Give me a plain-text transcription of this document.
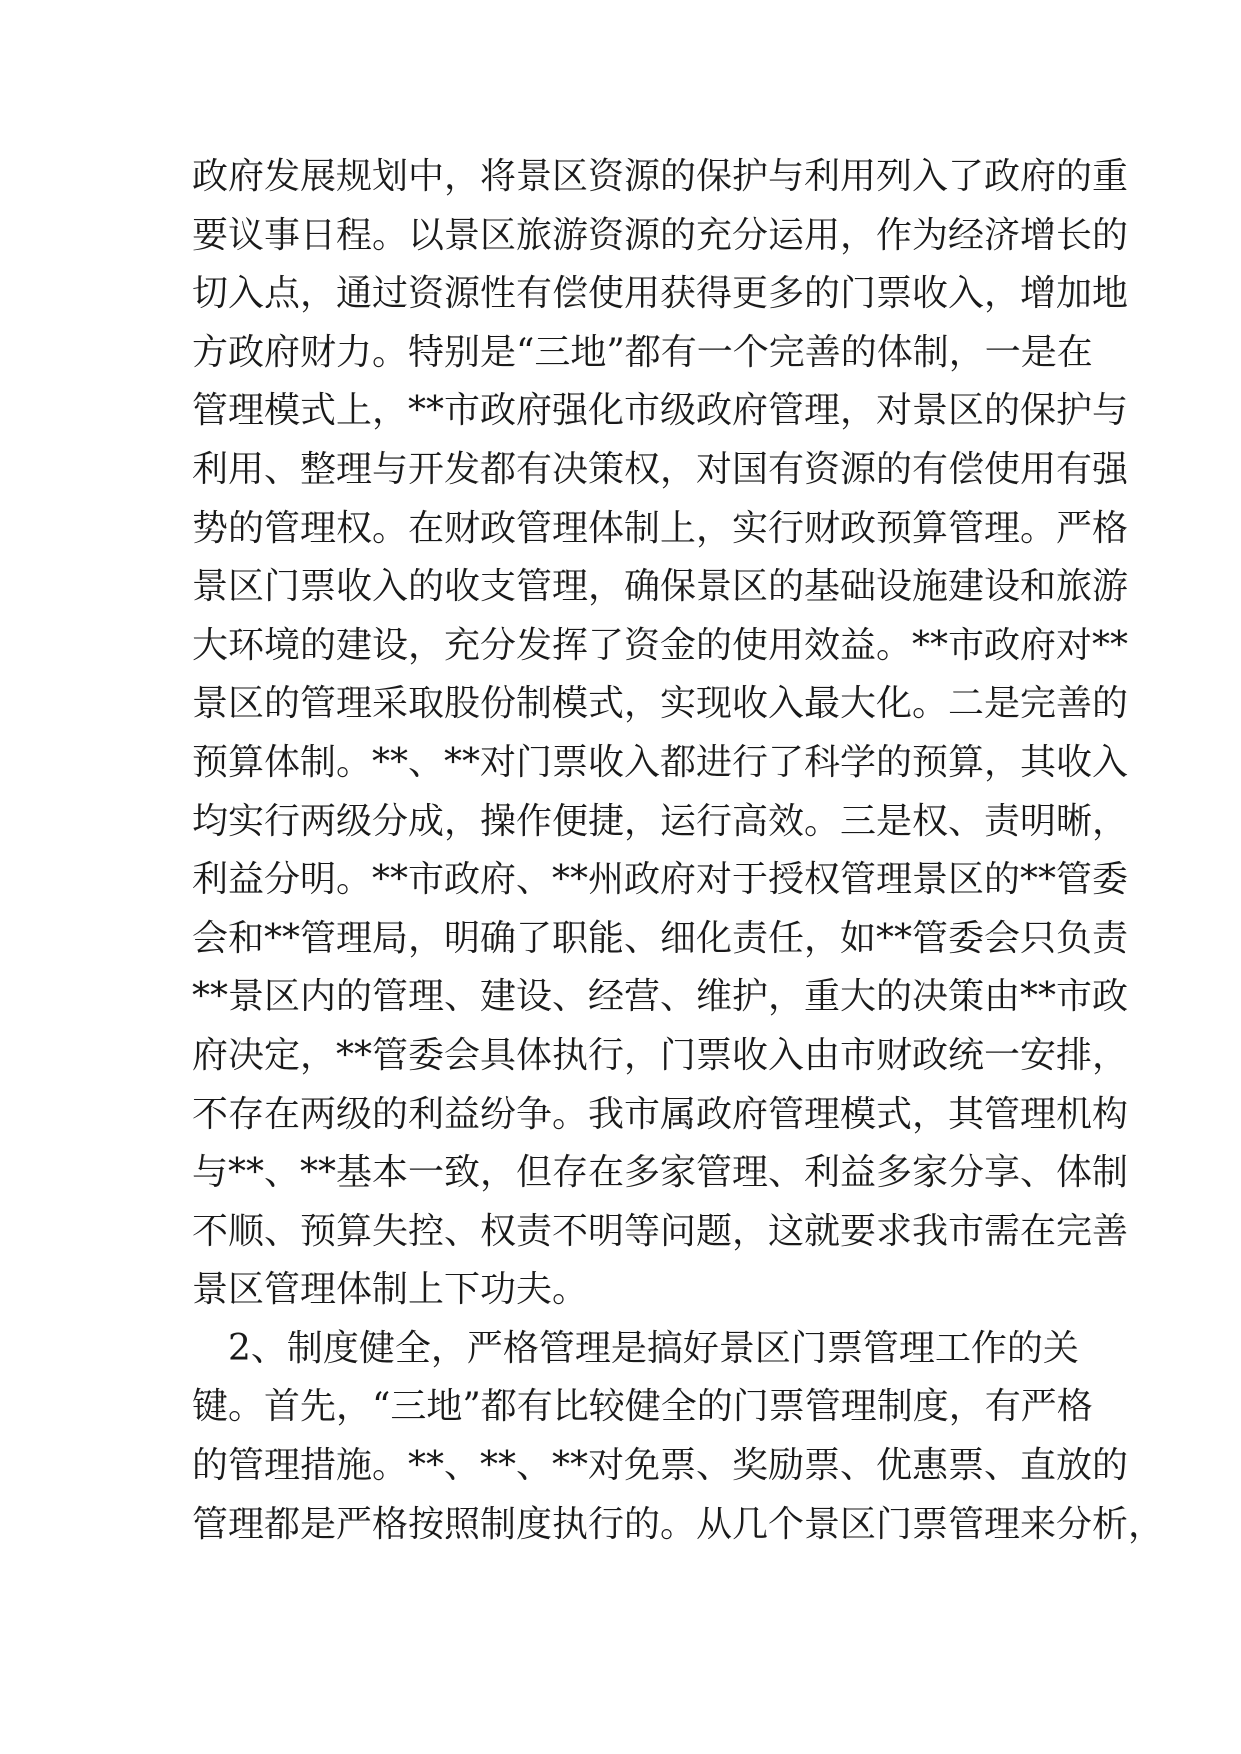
政府发展规划中，将景区资源的保护与利用列入了政府的重
要议事日程。以景区旅游资源的充分运用，作为经济增长的
切入点，通过资源性有偿使用获得更多的门票收入，增加地
方政府财力。特别是“三地”都有一个完善的体制，一是在
管理模式上，**市政府强化市级政府管理，对景区的保护与
利用、整理与开发都有决策权，对国有资源的有偿使用有强
势的管理权。在财政管理体制上，实行财政预算管理。严格
景区门票收入的收支管理，确保景区的基础设施建设和旅游
大环境的建设，充分发挥了资金的使用效益。**市政府对**
景区的管理采取股份制模式，实现收入最大化。二是完善的
预算体制。**、**对门票收入都进行了科学的预算，其收入
均实行两级分成，操作便捷，运行高效。三是权、责明晰，
利益分明。**市政府、**州政府对于授权管理景区的**管委
会和**管理局，明确了职能、细化责任，如**管委会只负责
**景区内的管理、建设、经营、维护，重大的决策由**市政
府决定，**管委会具体执行，门票收入由市财政统一安排，
不存在两级的利益纷争。我市属政府管理模式，其管理机构
与**、**基本一致，但存在多家管理、利益多家分享、体制
不顺、预算失控、权责不明等问题，这就要求我市需在完善
景区管理体制上下功夫。
2、制度健全，严格管理是搞好景区门票管理工作的关
键。首先，“三地”都有比较健全的门票管理制度，有严格
的管理措施。**、**、**对免票、奖励票、优惠票、直放的
管理都是严格按照制度执行的。从几个景区门票管理来分析，
